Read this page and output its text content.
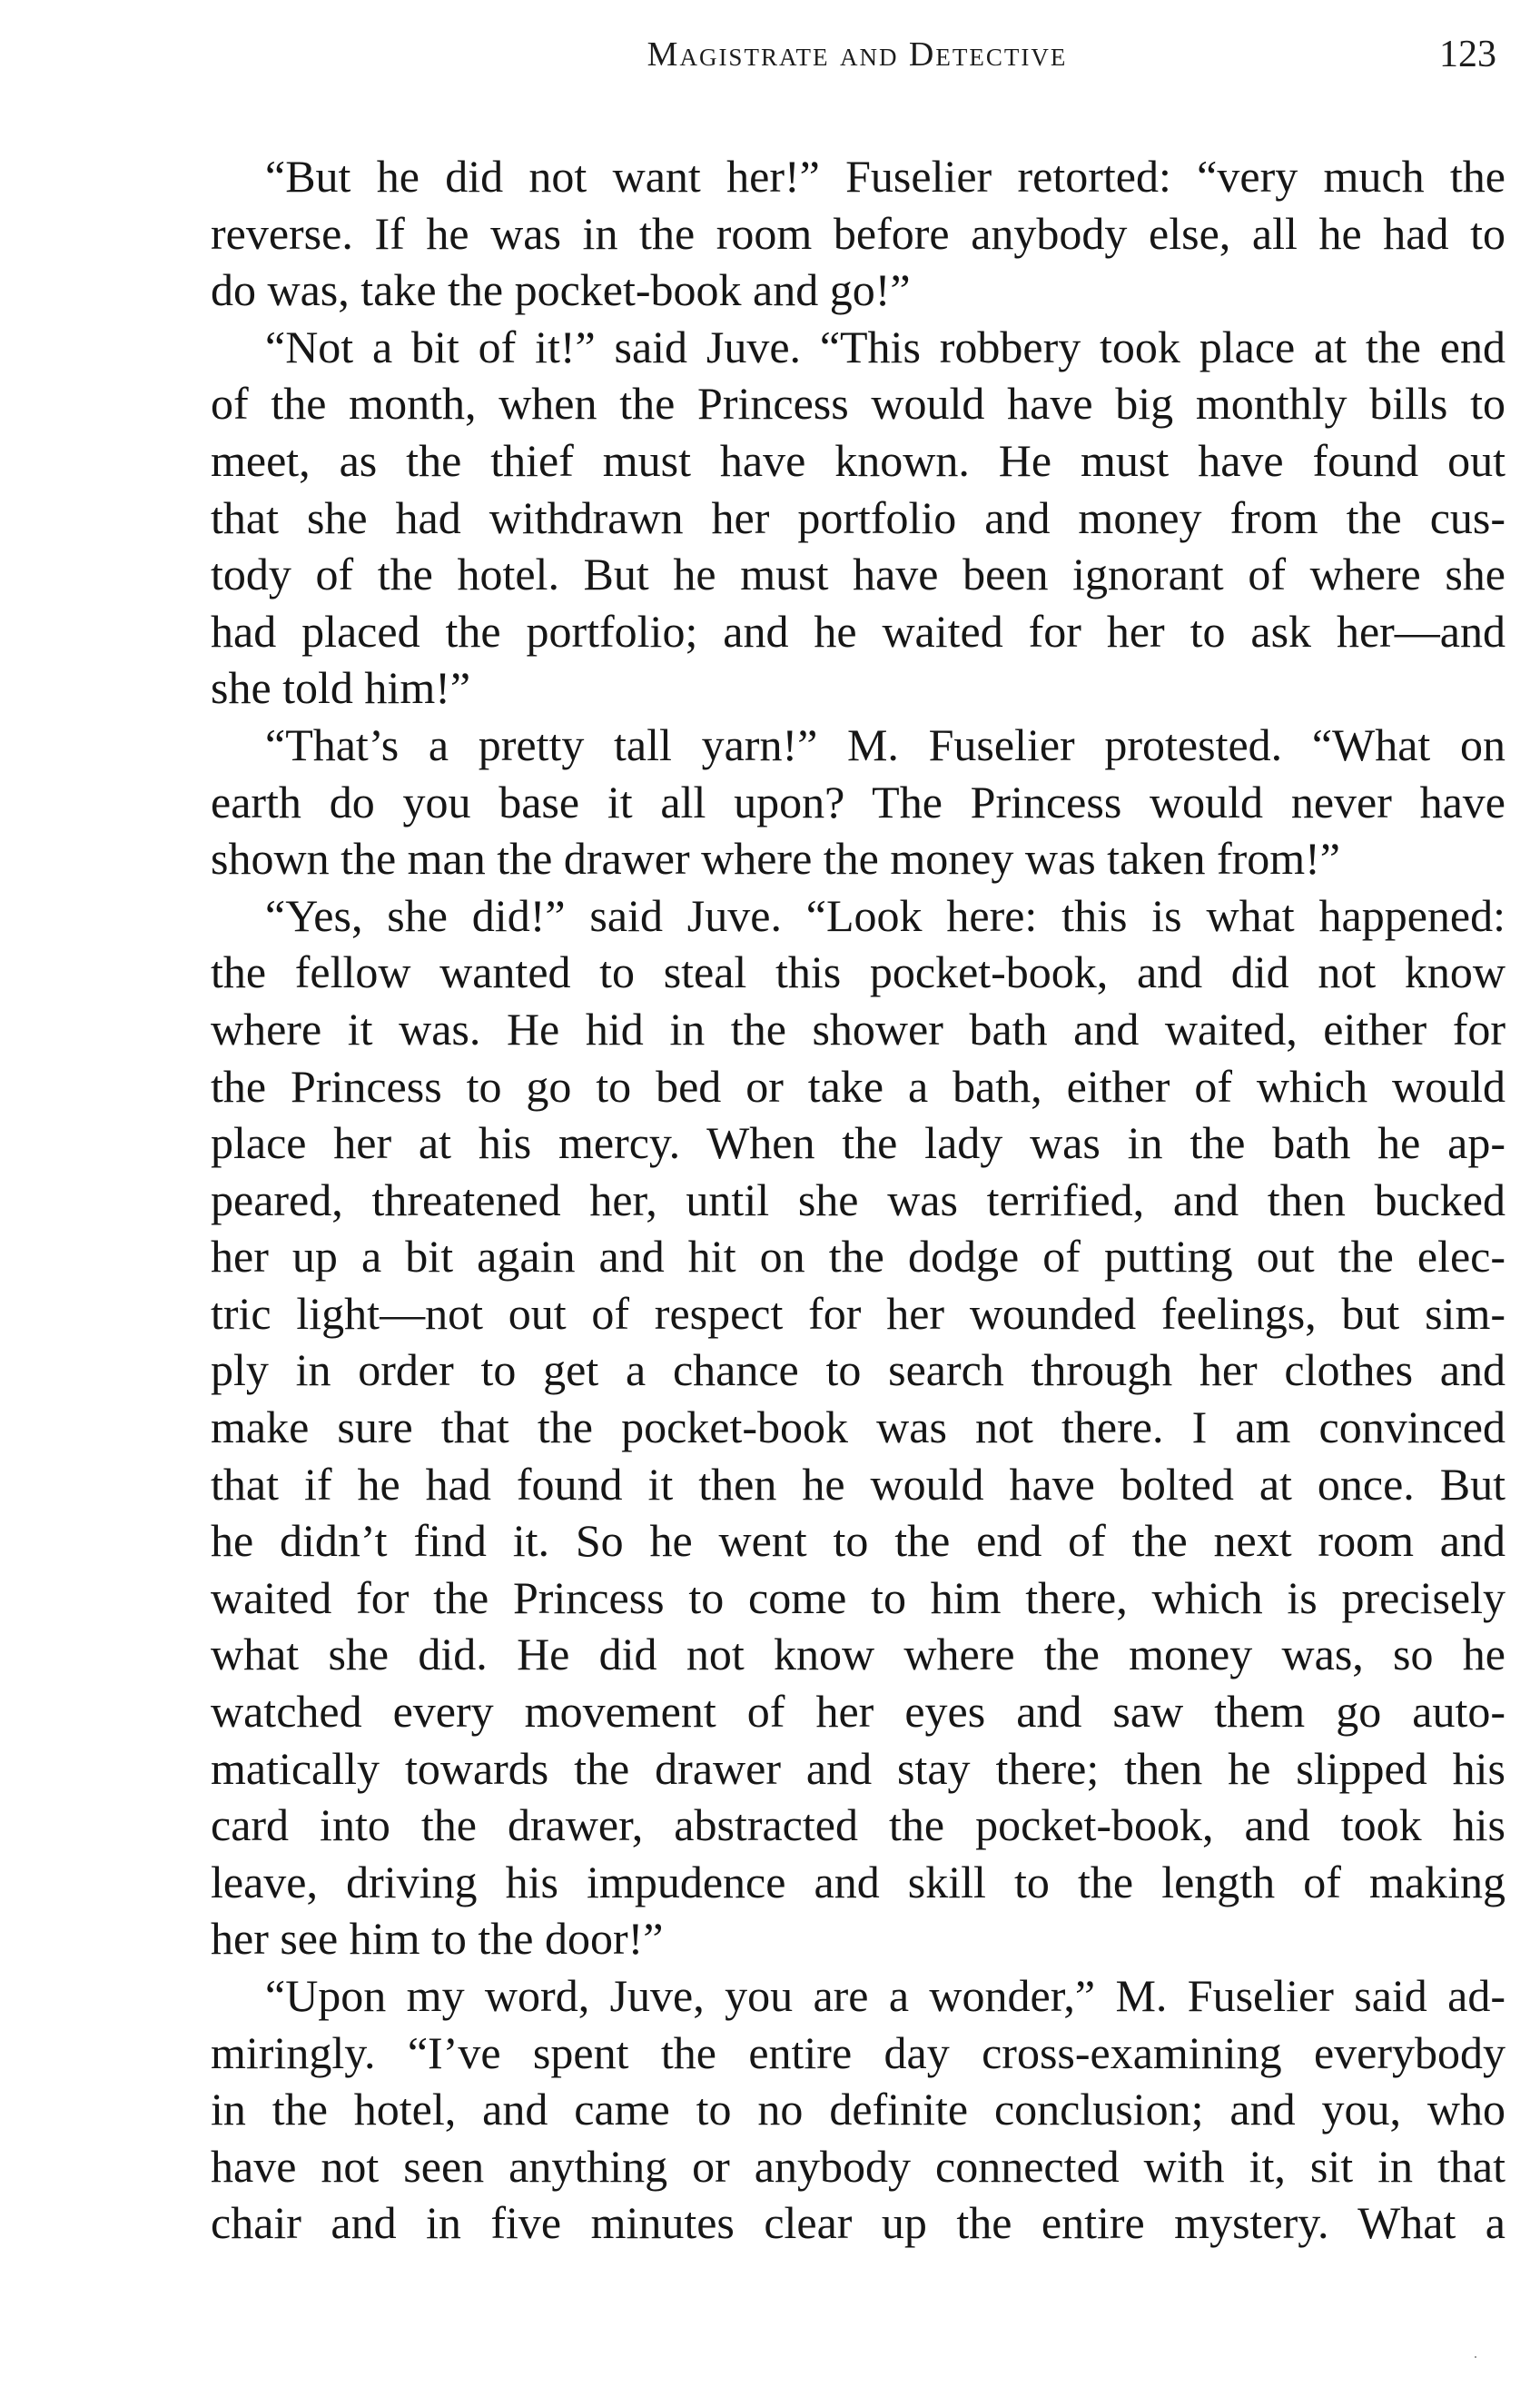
Magistrate and Detective	123
“But he did not want her!” Fuselier retorted: “very much the
reverse. If he was in the room before anybody else, all he had to
do was, take the pocket-book and go!”
“Not a bit of it!” said Juve. “This robbery took place at the end
of the month, when the Princess would have big monthly bills to
meet, as the thief must have known. He must have found out
that she had withdrawn her portfolio and money from the cus-
tody of the hotel. But he must have been ignorant of where she
had placed the portfolio; and he waited for her to ask her—and
she told him!”
“That’s a pretty tall yarn!” M. Fuselier protested. “What on
earth do you base it all upon? The Princess would never have
shown the man the drawer where the money was taken from!”
“Yes, she did!” said Juve. “Look here: this is what happened:
the fellow wanted to steal this pocket-book, and did not know
where it was. He hid in the shower bath and waited, either for
the Princess to go to bed or take a bath, either of which would
place her at his mercy. When the lady was in the bath he ap-
peared, threatened her, until she was terrified, and then bucked
her up a bit again and hit on the dodge of putting out the elec-
tric light—not out of respect for her wounded feelings, but sim-
ply in order to get a chance to search through her clothes and
make sure that the pocket-book was not there. I am convinced
that if he had found it then he would have bolted at once. But
he didn’t find it. So he went to the end of the next room and
waited for the Princess to come to him there, which is precisely
what she did. He did not know where the money was, so he
watched every movement of her eyes and saw them go auto-
matically towards the drawer and stay there; then he slipped his
card into the drawer, abstracted the pocket-book, and took his
leave, driving his impudence and skill to the length of making
her see him to the door!”
“Upon my word, Juve, you are a wonder,” M. Fuselier said ad-
miringly. “I’ve spent the entire day cross-examining everybody
in the hotel, and came to no definite conclusion; and you, who
have not seen anything or anybody connected with it, sit in that
chair and in five minutes clear up the entire mystery. What a
